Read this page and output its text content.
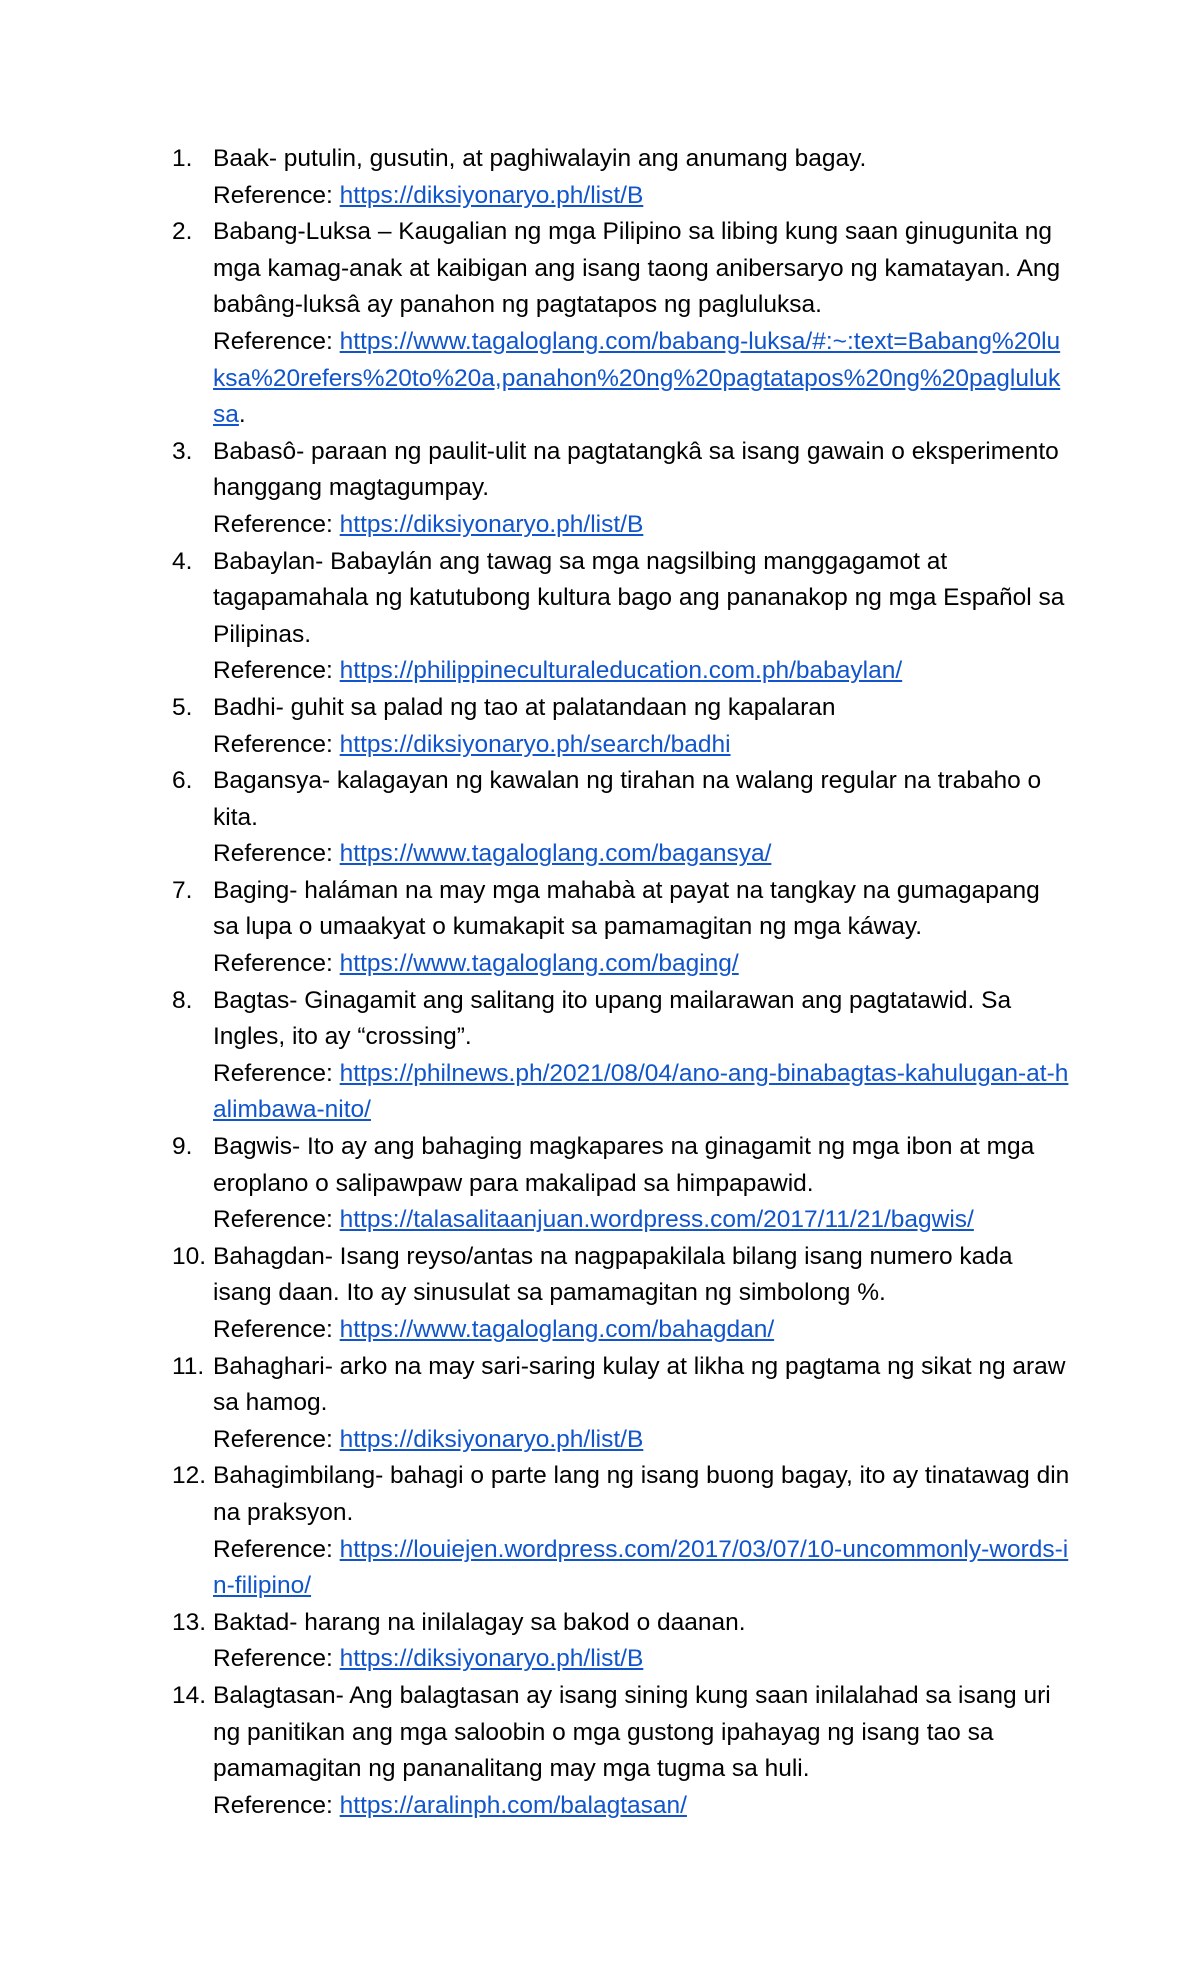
1. Baak- putulin, gusutin, at paghiwalayin ang anumang bagay.
Reference: https://diksiyonaryo.ph/list/B
2. Babang-Luksa – Kaugalian ng mga Pilipino sa libing kung saan ginugunita ng mga kamag-anak at kaibigan ang isang taong anibersaryo ng kamatayan. Ang babâng-luksâ ay panahon ng pagtatapos ng pagluluksa.
Reference: https://www.tagaloglang.com/babang-luksa/#:~:text=Babang%20luksa%20refers%20to%20a,panahon%20ng%20pagtatapos%20ng%20pagluluksa.
3. Babasô- paraan ng paulit-ulit na pagtatangkâ sa isang gawain o eksperimento hanggang magtagumpay.
Reference: https://diksiyonaryo.ph/list/B
4. Babaylan- Babaylán ang tawag sa mga nagsilbing manggagamot at tagapamahala ng katutubong kultura bago ang pananakop ng mga Español sa Pilipinas.
Reference: https://philippineculturaleducation.com.ph/babaylan/
5. Badhi- guhit sa palad ng tao at palatandaan ng kapalaran
Reference: https://diksiyonaryo.ph/search/badhi
6. Bagansya- kalagayan ng kawalan ng tirahan na walang regular na trabaho o kita.
Reference: https://www.tagaloglang.com/bagansya/
7. Baging- haláman na may mga mahabà at payat na tangkay na gumagapang sa lupa o umaakyat o kumakapit sa pamamagitan ng mga káway.
Reference: https://www.tagaloglang.com/baging/
8. Bagtas- Ginagamit ang salitang ito upang mailarawan ang pagtatawid. Sa Ingles, ito ay “crossing”.
Reference: https://philnews.ph/2021/08/04/ano-ang-binabagtas-kahulugan-at-halimbawa-nito/
9. Bagwis- Ito ay ang bahaging magkapares na ginagamit ng mga ibon at mga eroplano o salipawpaw para makalipad sa himpapawid.
Reference: https://talasalitaanjuan.wordpress.com/2017/11/21/bagwis/
10. Bahagdan- Isang reyso/antas na nagpapakilala bilang isang numero kada isang daan. Ito ay sinusulat sa pamamagitan ng simbolong %.
Reference: https://www.tagaloglang.com/bahagdan/
11. Bahaghari- arko na may sari-saring kulay at likha ng pagtama ng sikat ng araw sa hamog.
Reference: https://diksiyonaryo.ph/list/B
12. Bahagimbilang- bahagi o parte lang ng isang buong bagay, ito ay tinatawag din na praksyon.
Reference: https://louiejen.wordpress.com/2017/03/07/10-uncommonly-words-in-filipino/
13. Baktad- harang na inilalagay sa bakod o daanan.
Reference: https://diksiyonaryo.ph/list/B
14. Balagtasan- Ang balagtasan ay isang sining kung saan inilalahad sa isang uri ng panitikan ang mga saloobin o mga gustong ipahayag ng isang tao sa pamamagitan ng pananalitang may mga tugma sa huli.
Reference: https://aralinph.com/balagtasan/
